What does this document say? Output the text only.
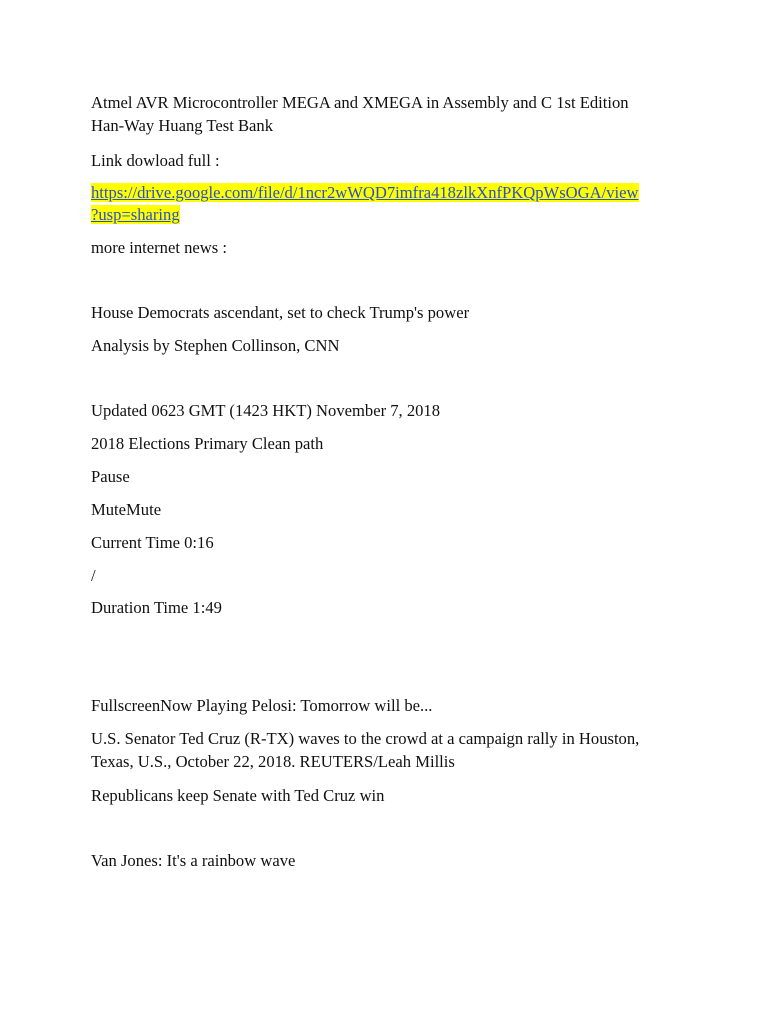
Atmel AVR Microcontroller MEGA and XMEGA in Assembly and C 1st Edition
Han-Way Huang Test Bank
Link dowload full :
https://drive.google.com/file/d/1ncr2wWQD7imfra418zlkXnfPKQpWsOGA/view
?usp=sharing
more internet news :
House Democrats ascendant, set to check Trump's power
Analysis by Stephen Collinson, CNN
Updated 0623 GMT (1423 HKT) November 7, 2018
2018 Elections Primary Clean path
Pause
MuteMute
Current Time 0:16
/
Duration Time 1:49
FullscreenNow Playing Pelosi: Tomorrow will be...
U.S. Senator Ted Cruz (R-TX) waves to the crowd at a campaign rally in Houston,
Texas, U.S., October 22, 2018. REUTERS/Leah Millis
Republicans keep Senate with Ted Cruz win
Van Jones: It's a rainbow wave
